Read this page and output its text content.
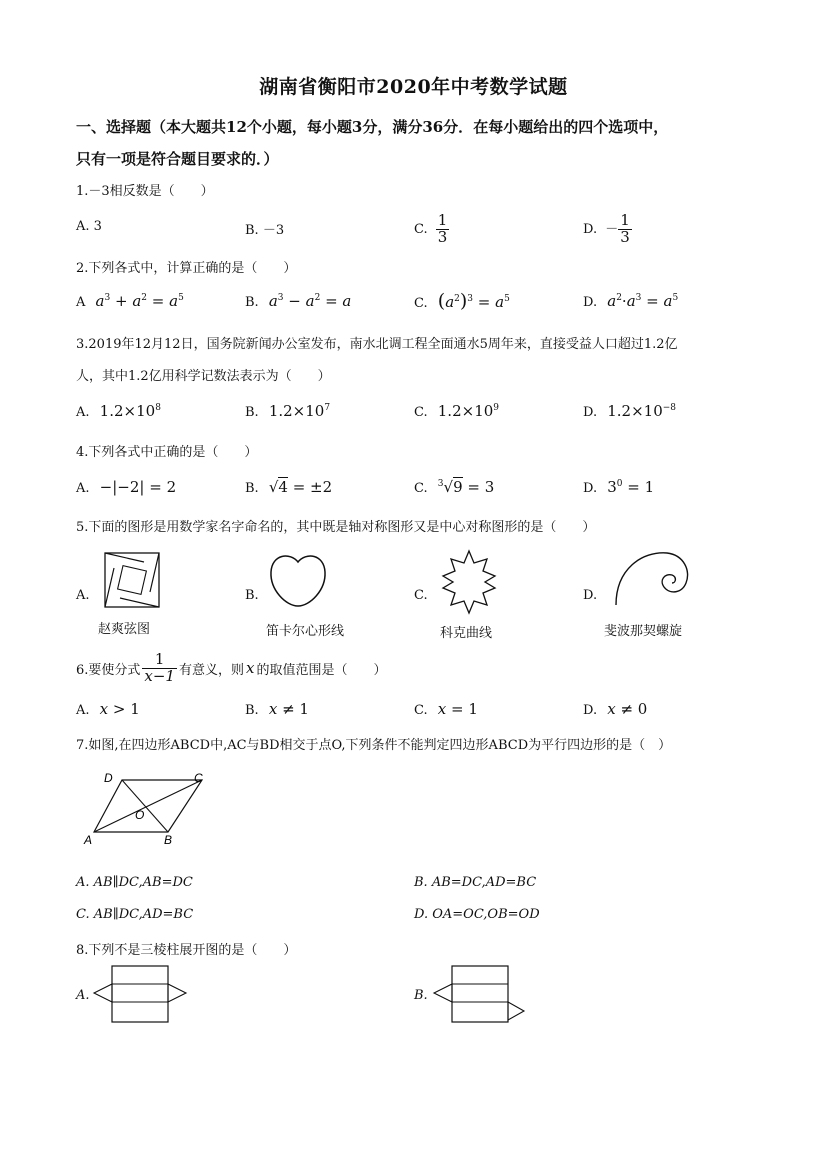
湖南省衡阳市2020年中考数学试题
一、选择题（本大题共12个小题，每小题3分，满分36分．在每小题给出的四个选项中，
只有一项是符合题目要求的．）
1.－3相反数是（　　）
A. 3	B. －3	C. $\frac{1}{3}$	D. － $\frac{1}{3}$
2.下列各式中，计算正确的是（　　）
A $a^3 + a^2 = a^5$	B. $a^3 - a^2 = a$	C. $(a^2)^3 = a^5$	D. $a^2\cdot a^3 = a^5$
3.2019年12月12日，国务院新闻办公室发布，南水北调工程全面通水5周年来，直接受益人口超过1.2亿
人，其中1.2亿用科学记数法表示为（　　）
A. $1.2\times 10^8$	B. $1.2\times 10^7$	C. $1.2\times 10^9$	D. $1.2\times 10^{-8}$
4.下列各式中正确的是（　　）
A. −|−2| = 2	B. √4 = ±2	C. $^3$√9 = 3	D. $3^0 = 1$
5.下面的图形是用数学家名字命名的，其中既是轴对称图形又是中心对称图形的是（　　）
A.	B.	C.	D.
赵爽弦图	笛卡尔心形线	科克曲线	斐波那契螺旋
6.要使分式 $\frac{1}{x-1}$ 有意义，则 x 的取值范围是（　　）
A. x > 1	B. x ≠ 1	C. x = 1	D. x ≠ 0
7.如图,在四边形ABCD中,AC与BD相交于点O,下列条件不能判定四边形ABCD为平行四边形的是（　）
D	C
A	B
O
A. AB∥DC,AB=DC	B. AB=DC,AD=BC
C. AB∥DC,AD=BC	D. OA=OC,OB=OD
8.下列不是三棱柱展开图的是（　　）
A.	B.
